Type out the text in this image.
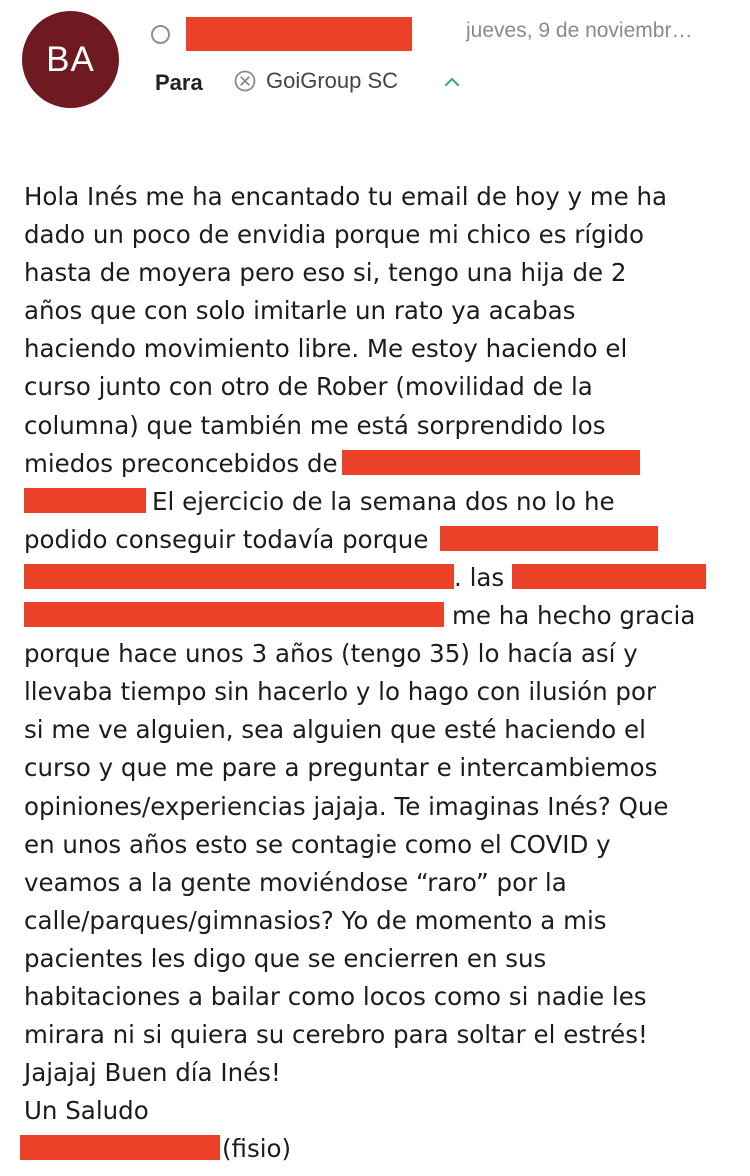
BA
jueves, 9 de noviembr…
Para	GoiGroup SC
Hola Inés me ha encantado tu email de hoy y me ha
dado un poco de envidia porque mi chico es rígido
hasta de moyera pero eso si, tengo una hija de 2
años que con solo imitarle un rato ya acabas
haciendo movimiento libre. Me estoy haciendo el
curso junto con otro de Rober (movilidad de la
columna) que también me está sorprendido los
miedos preconcebidos de
El ejercicio de la semana dos no lo he
podido conseguir todavía porque
. las
me ha hecho gracia
porque hace unos 3 años (tengo 35) lo hacía así y
llevaba tiempo sin hacerlo y lo hago con ilusión por
si me ve alguien, sea alguien que esté haciendo el
curso y que me pare a preguntar e intercambiemos
opiniones/experiencias jajaja. Te imaginas Inés? Que
en unos años esto se contagie como el COVID y
veamos a la gente moviéndose “raro” por la
calle/parques/gimnasios? Yo de momento a mis
pacientes les digo que se encierren en sus
habitaciones a bailar como locos como si nadie les
mirara ni si quiera su cerebro para soltar el estrés!
Jajajaj Buen día Inés!
Un Saludo
(fisio)
